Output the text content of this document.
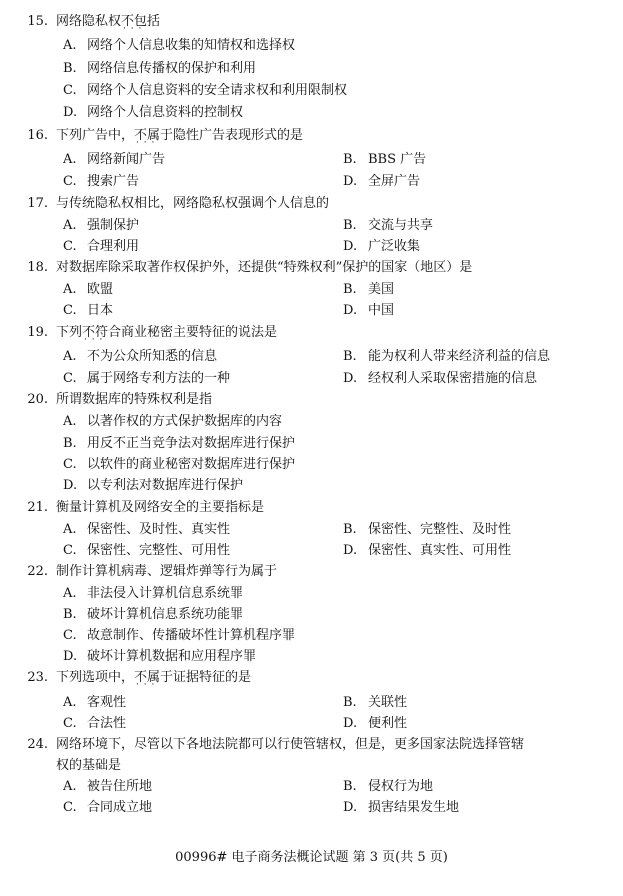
15. 网络隐私权不包括 · · ·
A. 网络个人信息收集的知情权和选择权
B. 网络信息传播权的保护和利用
C. 网络个人信息资料的安全请求权和利用限制权
D. 网络个人信息资料的控制权
16. 下列广告中，不属于 · · ·隐性广告表现形式的是
A. 网络新闻广告	B. BBS 广告
C. 搜索广告	D. 全屏广告
17. 与传统隐私权相比，网络隐私权强调个人信息的
A. 强制保护	B. 交流与共享
C. 合理利用	D. 广泛收集
18. 对数据库除采取著作权保护外，还提供“特殊权利”保护的国家（地区）是
A. 欧盟	B. 美国
C. 日本	D. 中国
19. 下列不符合 · · ·商业秘密主要特征的说法是
A. 不为公众所知悉的信息	B. 能为权利人带来经济利益的信息
C. 属于网络专利方法的一种	D. 经权利人采取保密措施的信息
20. 所谓数据库的特殊权利是指
A. 以著作权的方式保护数据库的内容
B. 用反不正当竞争法对数据库进行保护
C. 以软件的商业秘密对数据库进行保护
D. 以专利法对数据库进行保护
21. 衡量计算机及网络安全的主要指标是
A. 保密性、及时性、真实性	B. 保密性、完整性、及时性
C. 保密性、完整性、可用性	D. 保密性、真实性、可用性
22. 制作计算机病毒、逻辑炸弹等行为属于
A. 非法侵入计算机信息系统罪
B. 破坏计算机信息系统功能罪
C. 故意制作、传播破坏性计算机程序罪
D. 破坏计算机数据和应用程序罪
23. 下列选项中，不属于 · · ·证据特征的是
A. 客观性	B. 关联性
C. 合法性	D. 便利性
24. 网络环境下，尽管以下各地法院都可以行使管辖权，但是，更多国家法院选择管辖
权的基础是
A. 被告住所地	B. 侵权行为地
C. 合同成立地	D. 损害结果发生地
00996# 电子商务法概论试题 第 3 页(共 5 页)
